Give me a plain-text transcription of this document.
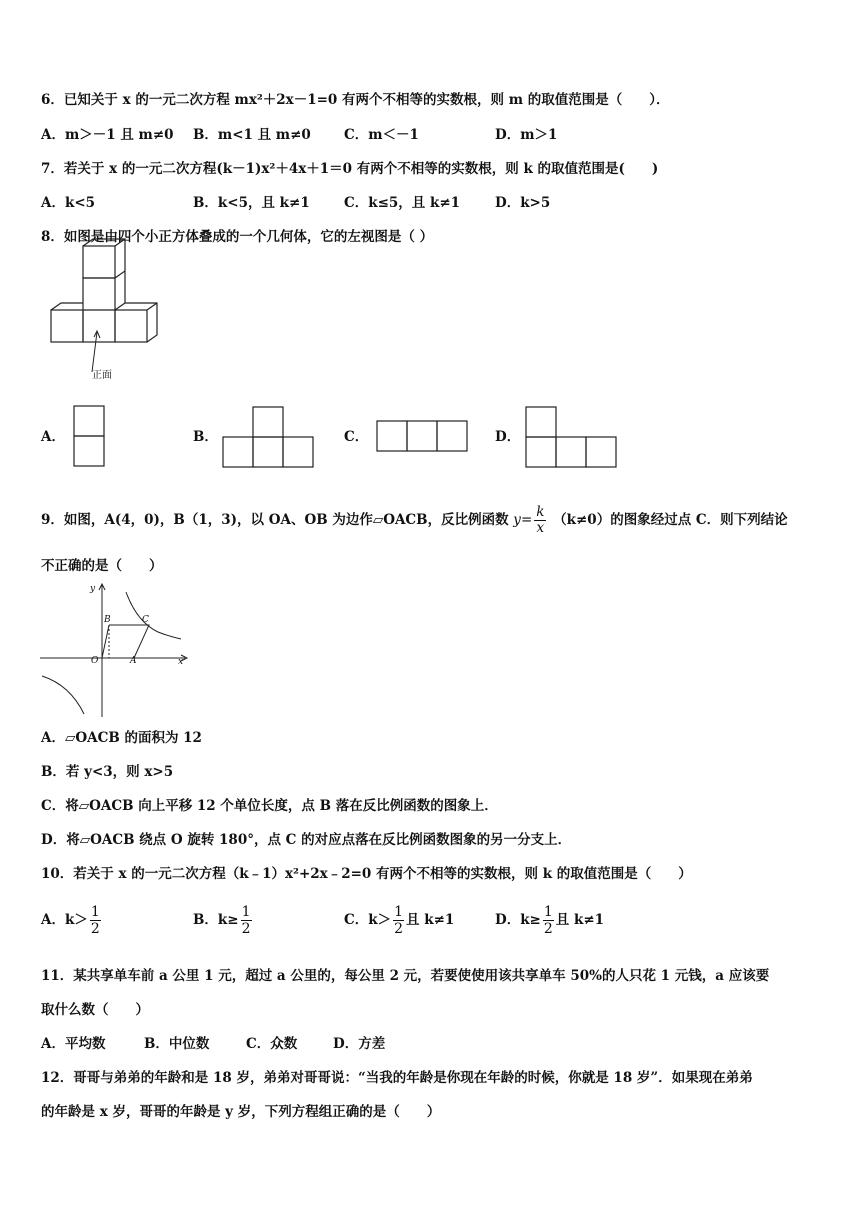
6．已知关于 x 的一元二次方程 mx²＋2x－1=0 有两个不相等的实数根，则 m 的取值范围是（　　）．
A．m＞－1 且 m≠0 B．m<1 且 m≠0 C．m＜－1	D．m＞1
7．若关于 x 的一元二次方程(k－1)x²＋4x＋1＝0 有两个不相等的实数根，则 k 的取值范围是(　　)
A．k<5	B．k<5，且 k≠1	C．k≤5，且 k≠1	D．k>5
8．如图是由四个小正方体叠成的一个几何体，它的左视图是（ ）
正面
A．	B．	C．	D．
9．如图，A(4，0)，B（1，3)，以 OA、OB 为边作▱OACB，反比例函数 $y= \frac{k}{x} (k\ne 0)$的图象经过点 C．则下列结论
不正确的是（　　）
y
x
O	A
B	C
A．▱OACB 的面积为 12
B．若 y<3，则 x>5
C．将▱OACB 向上平移 12 个单位长度，点 B 落在反比例函数的图象上．
D．将▱OACB 绕点 O 旋转 180°，点 C 的对应点落在反比例函数图象的另一分支上．
10．若关于 x 的一元二次方程（k﹣1）x²+2x﹣2=0 有两个不相等的实数根，则 k 的取值范围是（　　）
A．$k> \frac{1}{2}$	B．$k\ge \frac{1}{2}$	C．$k> \frac{1}{2}$ 且 k≠1	D．$k\ge \frac{1}{2}$ 且 k≠1
11．某共享单车前 a 公里 1 元，超过 a 公里的，每公里 2 元，若要使使用该共享单车 50%的人只花 1 元钱，a 应该要
取什么数（　　）
A．平均数	B．中位数	C．众数	D．方差
12．哥哥与弟弟的年龄和是 18 岁，弟弟对哥哥说：“当我的年龄是你现在年龄的时候，你就是 18 岁”．如果现在弟弟
的年龄是 x 岁，哥哥的年龄是 y 岁，下列方程组正确的是（　　）
